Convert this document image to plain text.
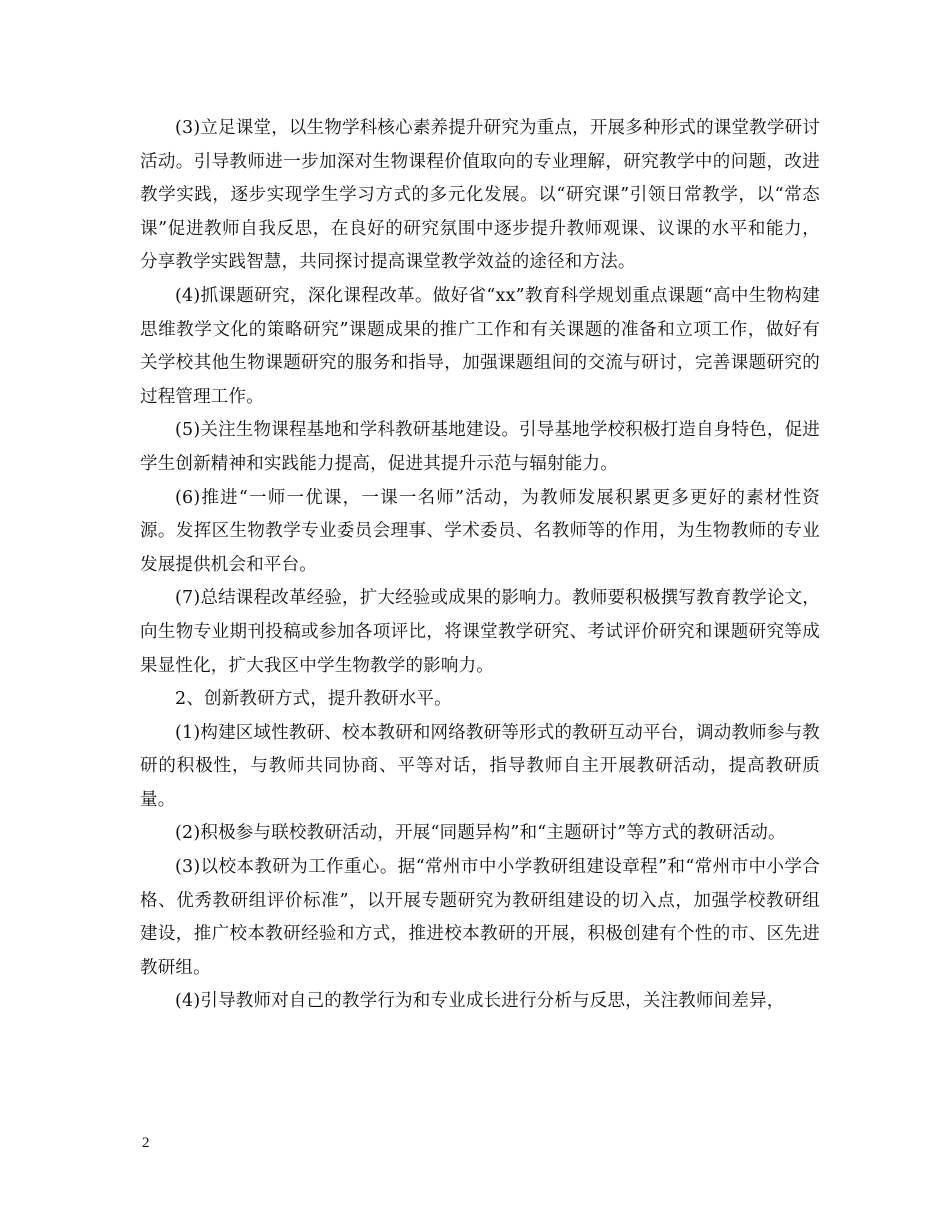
(3)立足课堂，以生物学科核心素养提升研究为重点，开展多种形式的课堂教学研讨活动。引导教师进一步加深对生物课程价值取向的专业理解，研究教学中的问题，改进教学实践，逐步实现学生学习方式的多元化发展。以“研究课”引领日常教学，以“常态课”促进教师自我反思，在良好的研究氛围中逐步提升教师观课、议课的水平和能力，分享教学实践智慧，共同探讨提高课堂教学效益的途径和方法。

(4)抓课题研究，深化课程改革。做好省“xx”教育科学规划重点课题“高中生物构建思维教学文化的策略研究”课题成果的推广工作和有关课题的准备和立项工作，做好有关学校其他生物课题研究的服务和指导，加强课题组间的交流与研讨，完善课题研究的过程管理工作。

(5)关注生物课程基地和学科教研基地建设。引导基地学校积极打造自身特色，促进学生创新精神和实践能力提高，促进其提升示范与辐射能力。

(6)推进“一师一优课，一课一名师”活动，为教师发展积累更多更好的素材性资源。发挥区生物教学专业委员会理事、学术委员、名教师等的作用，为生物教师的专业发展提供机会和平台。

(7)总结课程改革经验，扩大经验或成果的影响力。教师要积极撰写教育教学论文，向生物专业期刊投稿或参加各项评比，将课堂教学研究、考试评价研究和课题研究等成果显性化，扩大我区中学生物教学的影响力。

2、创新教研方式，提升教研水平。

(1)构建区域性教研、校本教研和网络教研等形式的教研互动平台，调动教师参与教研的积极性，与教师共同协商、平等对话，指导教师自主开展教研活动，提高教研质量。

(2)积极参与联校教研活动，开展“同题异构”和“主题研讨”等方式的教研活动。

(3)以校本教研为工作重心。据“常州市中小学教研组建设章程”和“常州市中小学合格、优秀教研组评价标准”，以开展专题研究为教研组建设的切入点，加强学校教研组建设，推广校本教研经验和方式，推进校本教研的开展，积极创建有个性的市、区先进教研组。

(4)引导教师对自己的教学行为和专业成长进行分析与反思，关注教师间差异，

2
